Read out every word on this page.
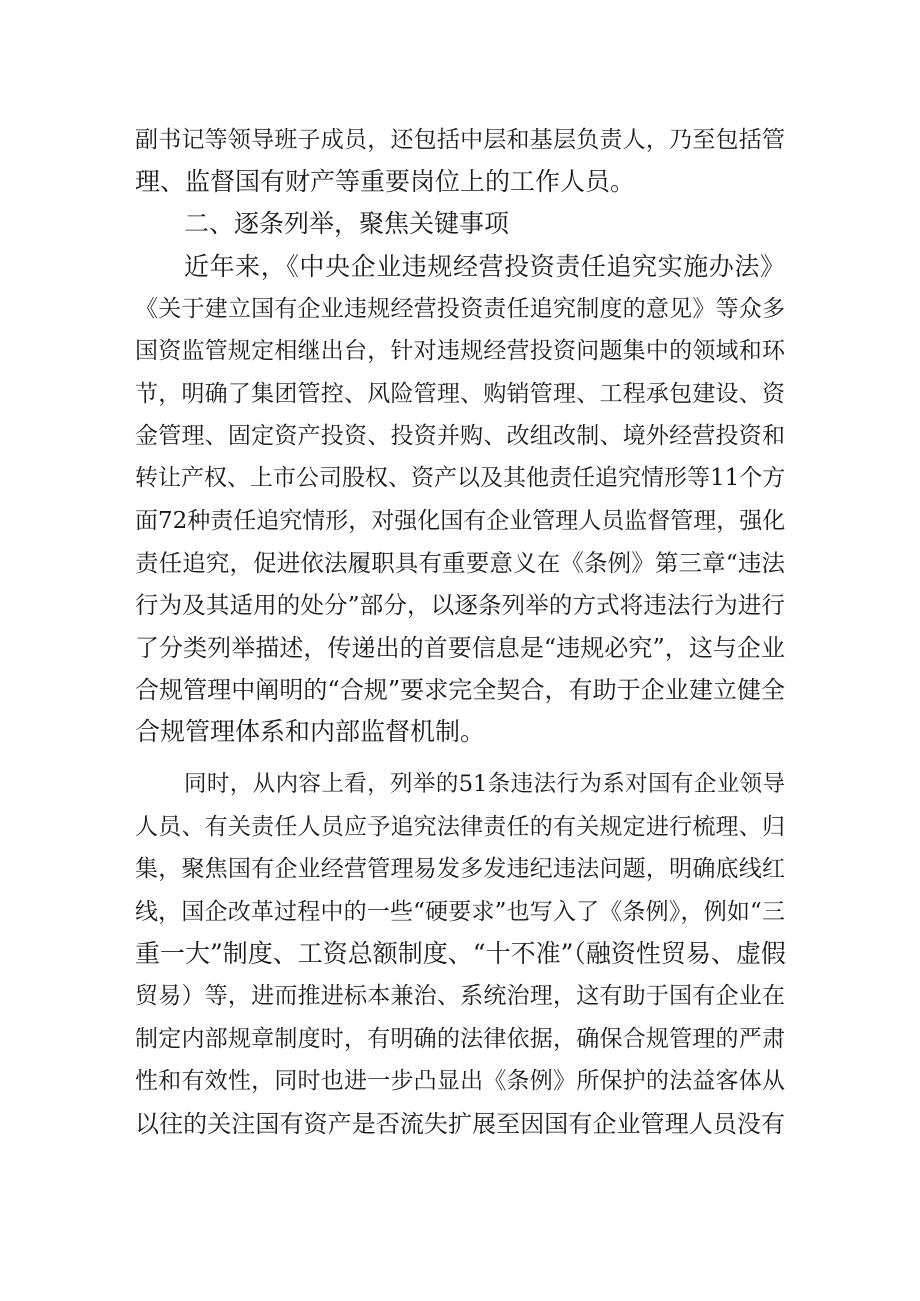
副书记等领导班子成员，还包括中层和基层负责人，乃至包括管
理、监督国有财产等重要岗位上的工作人员。
二、逐条列举，聚焦关键事项
近年来，《中央企业违规经营投资责任追究实施办法》
《关于建立国有企业违规经营投资责任追究制度的意见》等众多
国资监管规定相继出台，针对违规经营投资问题集中的领域和环
节，明确了集团管控、风险管理、购销管理、工程承包建设、资
金管理、固定资产投资、投资并购、改组改制、境外经营投资和
转让产权、上市公司股权、资产以及其他责任追究情形等11个方
面72种责任追究情形，对强化国有企业管理人员监督管理，强化
责任追究，促进依法履职具有重要意义在《条例》第三章“违法
行为及其适用的处分”部分，以逐条列举的方式将违法行为进行
了分类列举描述，传递出的首要信息是“违规必究”，这与企业
合规管理中阐明的“合规”要求完全契合，有助于企业建立健全
合规管理体系和内部监督机制。
同时，从内容上看，列举的51条违法行为系对国有企业领导
人员、有关责任人员应予追究法律责任的有关规定进行梳理、归
集，聚焦国有企业经营管理易发多发违纪违法问题，明确底线红
线，国企改革过程中的一些“硬要求”也写入了《条例》，例如“三
重一大”制度、工资总额制度、“十不准”（融资性贸易、虚假
贸易）等，进而推进标本兼治、系统治理，这有助于国有企业在
制定内部规章制度时，有明确的法律依据，确保合规管理的严肃
性和有效性，同时也进一步凸显出《条例》所保护的法益客体从
以往的关注国有资产是否流失扩展至因国有企业管理人员没有
